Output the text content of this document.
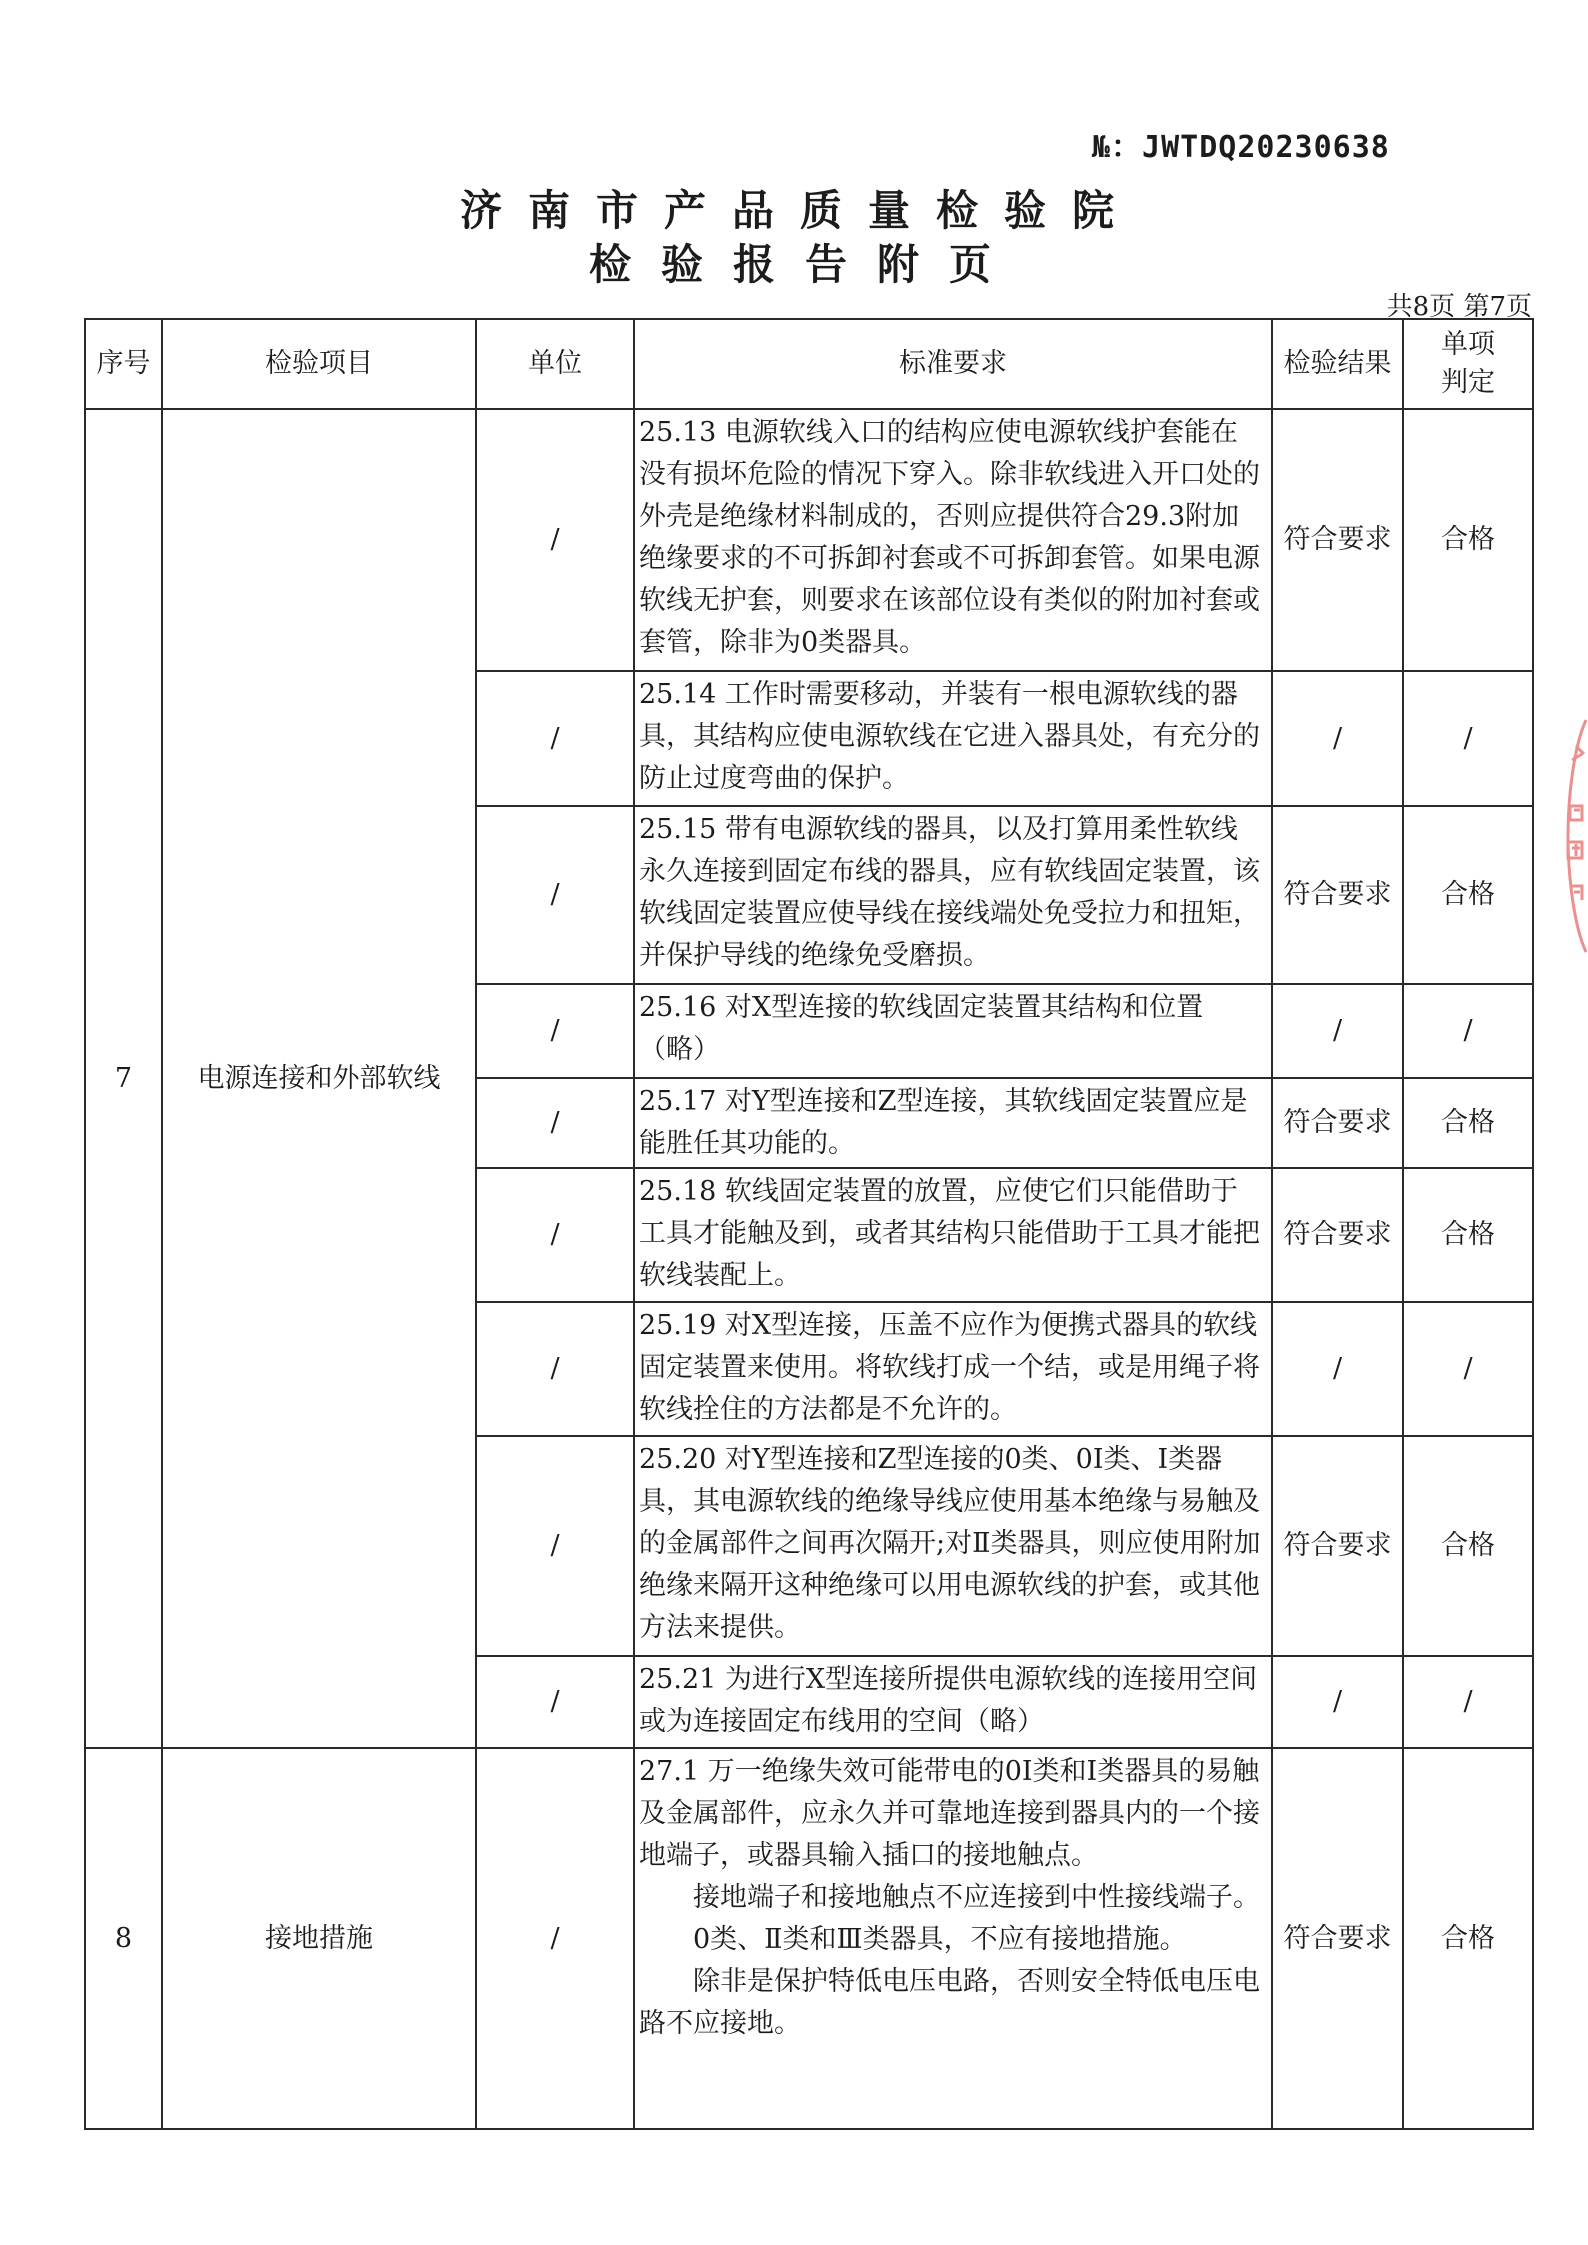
№：JWTDQ20230638
济南市产品质量检验院
检验报告附页
共8页 第7页
序号	检验项目	单位	标准要求	检验结果	单项
判定

7	电源连接和外部软线	/	25.13 电源软线入口的结构应使电源软线护套能在没有损坏危险的情况下穿入。除非软线进入开口处的外壳是绝缘材料制成的，否则应提供符合29.3附加绝缘要求的不可拆卸衬套或不可拆卸套管。如果电源软线无护套，则要求在该部位设有类似的附加衬套或套管，除非为0类器具。	符合要求	合格
		/	25.14 工作时需要移动，并装有一根电源软线的器具，其结构应使电源软线在它进入器具处，有充分的防止过度弯曲的保护。	/	/
		/	25.15 带有电源软线的器具，以及打算用柔性软线永久连接到固定布线的器具，应有软线固定装置，该软线固定装置应使导线在接线端处免受拉力和扭矩，并保护导线的绝缘免受磨损。	符合要求	合格
		/	25.16 对X型连接的软线固定装置其结构和位置（略）	/	/
		/	25.17 对Y型连接和Z型连接，其软线固定装置应是能胜任其功能的。	符合要求	合格
		/	25.18 软线固定装置的放置，应使它们只能借助于工具才能触及到，或者其结构只能借助于工具才能把软线装配上。	符合要求	合格
		/	25.19 对X型连接，压盖不应作为便携式器具的软线固定装置来使用。将软线打成一个结，或是用绳子将软线拴住的方法都是不允许的。	/	/
		/	25.20 对Y型连接和Z型连接的0类、0Ⅰ类、Ⅰ类器具，其电源软线的绝缘导线应使用基本绝缘与易触及的金属部件之间再次隔开;对Ⅱ类器具，则应使用附加绝缘来隔开这种绝缘可以用电源软线的护套，或其他方法来提供。	符合要求	合格
		/	25.21 为进行X型连接所提供电源软线的连接用空间或为连接固定布线用的空间（略）	/	/
8	接地措施	/	27.1 万一绝缘失效可能带电的0Ⅰ类和Ⅰ类器具的易触及金属部件，应永久并可靠地连接到器具内的一个接地端子，或器具输入插口的接地触点。
接地端子和接地触点不应连接到中性接线端子。
0类、Ⅱ类和Ⅲ类器具，不应有接地措施。
除非是保护特低电压电路，否则安全特低电压电路不应接地。	符合要求	合格
